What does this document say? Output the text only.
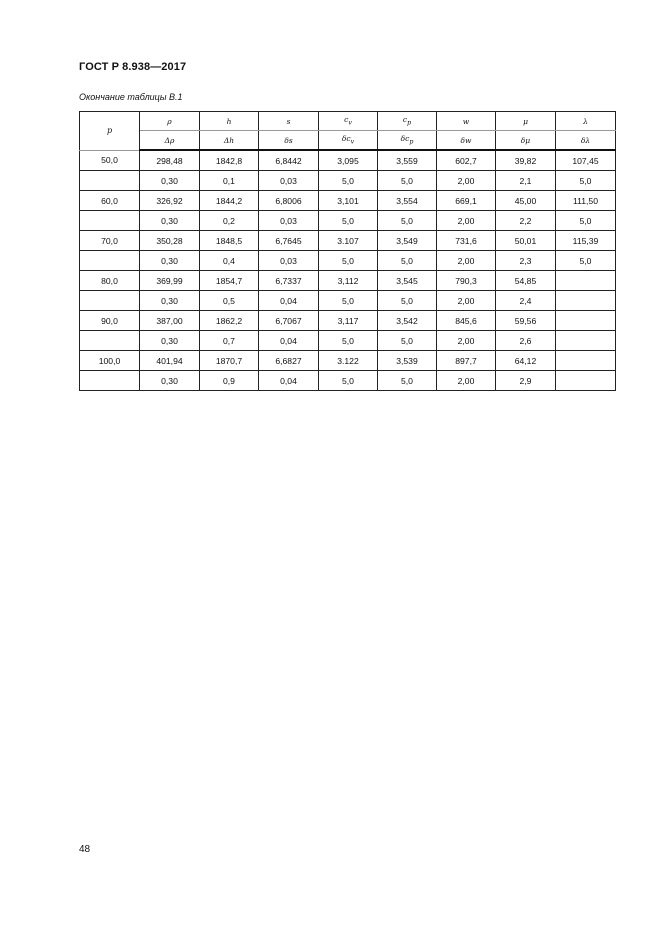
ГОСТ Р 8.938—2017
Окончание таблицы В.1
p	ρ	h	s	$c_v$	$c_p$	w	μ	λ
	Δρ	Δh	δs	$\delta c_v$	$\delta c_p$	δw	δμ	δλ
50,0	298,48	1842,8	6,8442	3,095	3,559	602,7	39,82	107,45
	0,30	0,1	0,03	5,0	5,0	2,00	2,1	5,0
60,0	326,92	1844,2	6,8006	3,101	3,554	669,1	45,00	111,50
	0,30	0,2	0,03	5,0	5,0	2,00	2,2	5,0
70,0	350,28	1848,5	6,7645	3.107	3,549	731,6	50,01	115,39
	0,30	0,4	0,03	5,0	5,0	2,00	2,3	5,0
80,0	369,99	1854,7	6,7337	3,112	3,545	790,3	54,85	
	0,30	0,5	0,04	5,0	5,0	2,00	2,4	
90,0	387,00	1862,2	6,7067	3,117	3,542	845,6	59,56	
	0,30	0,7	0,04	5,0	5,0	2,00	2,6	
100,0	401,94	1870,7	6,6827	3.122	3,539	897,7	64,12	
	0,30	0,9	0,04	5,0	5,0	2,00	2,9	
48
